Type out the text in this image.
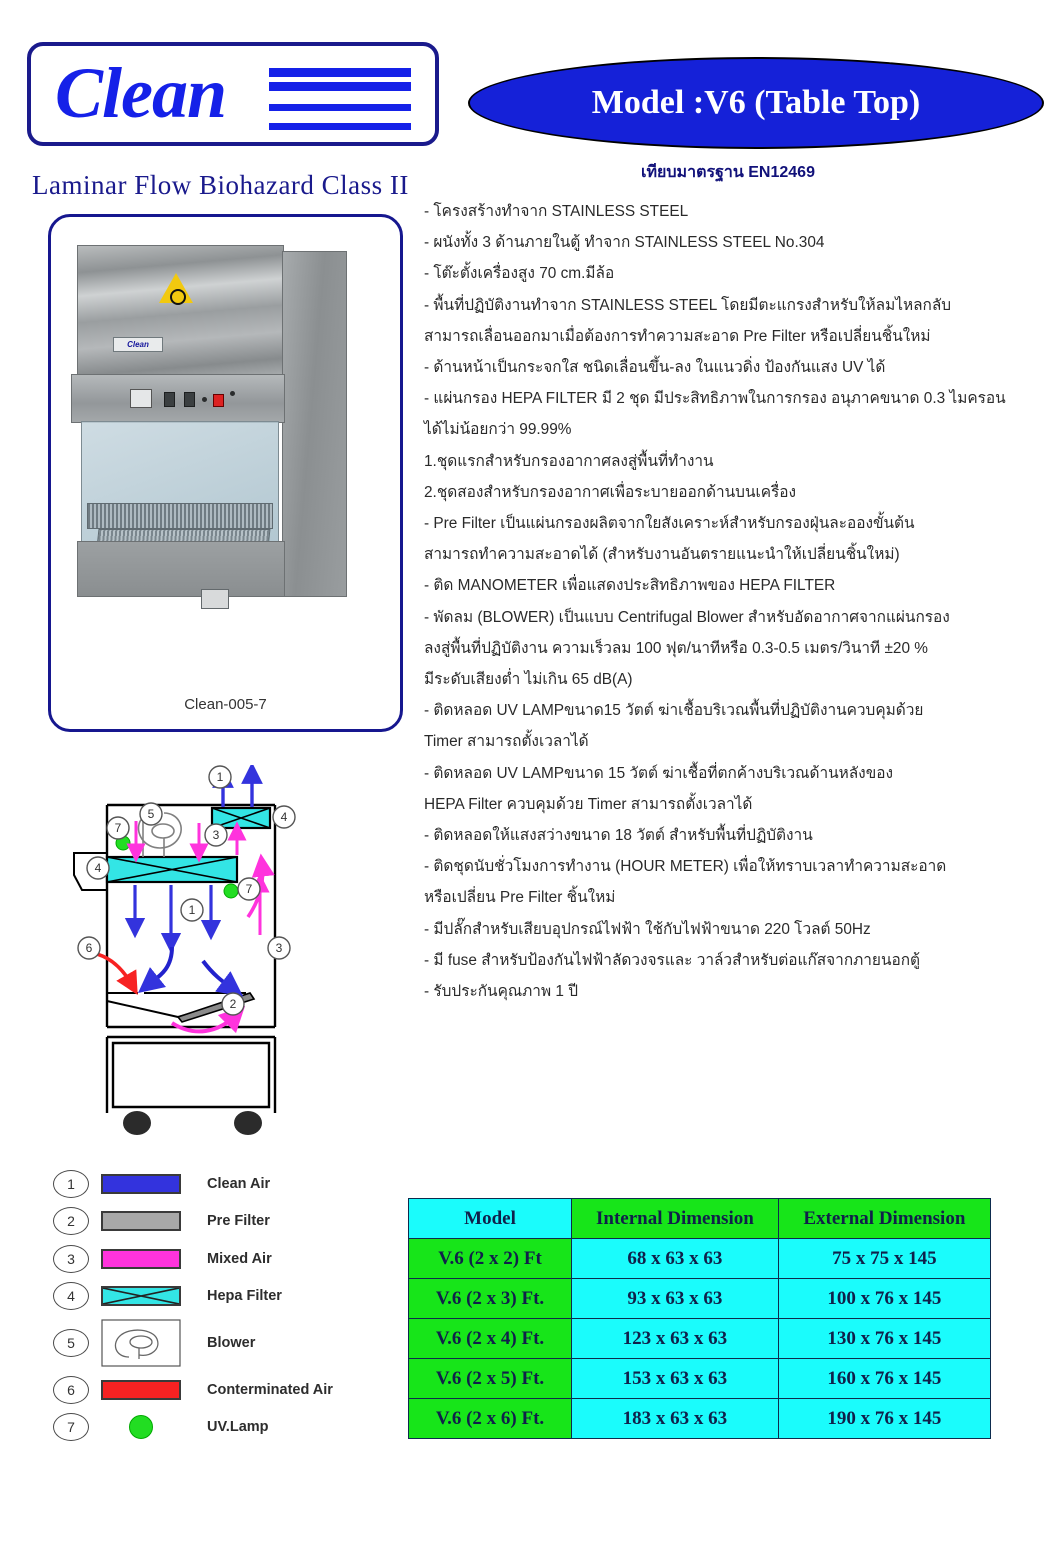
Clean	Model :V6 (Table Top)
Laminar Flow Biohazard Class II	เทียบมาตรฐาน EN12469
Clean
Clean-005-7
- โครงสร้างทำจาก STAINLESS STEEL
- ผนังทั้ง 3 ด้านภายในตู้ ทำจาก STAINLESS STEEL No.304
- โต๊ะตั้งเครื่องสูง 70 cm.มีล้อ
- พื้นที่ปฏิบัติงานทำจาก STAINLESS STEEL โดยมีตะแกรงสำหรับให้ลมไหลกลับ
สามารถเลื่อนออกมาเมื่อต้องการทำความสะอาด Pre Filter หรือเปลี่ยนชิ้นใหม่
- ด้านหน้าเป็นกระจกใส ชนิดเลื่อนขึ้น-ลง ในแนวดิ่ง ป้องกันแสง UV ได้
- แผ่นกรอง HEPA FILTER มี 2 ชุด มีประสิทธิภาพในการกรอง อนุภาคขนาด 0.3 ไมครอน
ได้ไม่น้อยกว่า 99.99%
1.ชุดแรกสำหรับกรองอากาศลงสู่พื้นที่ทำงาน
2.ชุดสองสำหรับกรองอากาศเพื่อระบายออกด้านบนเครื่อง
- Pre Filter เป็นแผ่นกรองผลิตจากใยสังเคราะห์สำหรับกรองฝุ่นละอองขั้นต้น
สามารถทำความสะอาดได้ (สำหรับงานอันตรายแนะนำให้เปลี่ยนชิ้นใหม่)
- ติด MANOMETER เพื่อแสดงประสิทธิภาพของ HEPA FILTER
- พัดลม (BLOWER) เป็นแบบ Centrifugal Blower สำหรับอัดอากาศจากแผ่นกรอง
ลงสู่พื้นที่ปฏิบัติงาน ความเร็วลม 100 ฟุต/นาทีหรือ 0.3-0.5 เมตร/วินาที ±20 %
มีระดับเสียงต่ำ ไม่เกิน 65 dB(A)
- ติดหลอด UV LAMPขนาด15 วัตต์ ฆ่าเชื้อบริเวณพื้นที่ปฏิบัติงานควบคุมด้วย
Timer สามารถตั้งเวลาได้
- ติดหลอด UV LAMPขนาด 15 วัตต์ ฆ่าเชื้อที่ตกค้างบริเวณด้านหลังของ
HEPA Filter ควบคุมด้วย Timer สามารถตั้งเวลาได้
- ติดหลอดให้แสงสว่างขนาด 18 วัตต์ สำหรับพื้นที่ปฏิบัติงาน
- ติดชุดนับชั่วโมงการทำงาน (HOUR METER) เพื่อให้ทราบเวลาทำความสะอาด
หรือเปลี่ยน Pre Filter ชิ้นใหม่
- มีปลั๊กสำหรับเสียบอุปกรณ์ไฟฟ้า ใช้กับไฟฟ้าขนาด 220 โวลต์ 50Hz
- มี fuse สำหรับป้องกันไฟฟ้าลัดวงจรและ วาล์วสำหรับต่อแก๊สจากภายนอกตู้
- รับประกันคุณภาพ 1 ปี
1
4
5
7	3
4
7
1
3
6
2
1	Clean Air
2	Pre Filter
3	Mixed Air
4	Hepa Filter
5	Blower
6	Conterminated Air
7	UV.Lamp
Model	Internal Dimension	External Dimension
V.6 (2 x 2) Ft	68 x 63 x 63	75 x 75 x 145
V.6 (2 x 3) Ft.	93 x 63 x 63	100 x 76 x 145
V.6 (2 x 4) Ft.	123 x 63 x 63	130 x 76 x 145
V.6 (2 x 5) Ft.	153 x 63 x 63	160 x 76 x 145
V.6 (2 x 6) Ft.	183 x 63 x 63	190 x 76 x 145
